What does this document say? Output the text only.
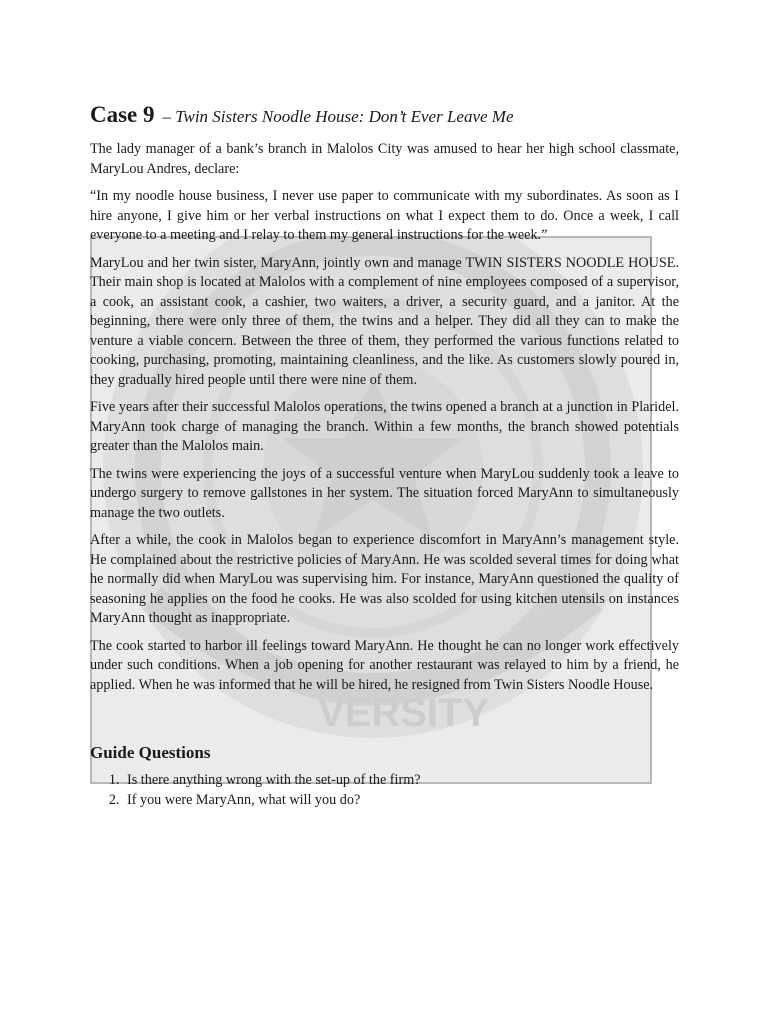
VERSITY
Case 9 – Twin Sisters Noodle House: Don’t Ever Leave Me

The lady manager of a bank’s branch in Malolos City was amused to hear her high school classmate, MaryLou Andres, declare:

“In my noodle house business, I never use paper to communicate with my subordinates. As soon as I hire anyone, I give him or her verbal instructions on what I expect them to do. Once a week, I call everyone to a meeting and I relay to them my general instructions for the week.”

MaryLou and her twin sister, MaryAnn, jointly own and manage TWIN SISTERS NOODLE HOUSE. Their main shop is located at Malolos with a complement of nine employees composed of a supervisor, a cook, an assistant cook, a cashier, two waiters, a driver, a security guard, and a janitor. At the beginning, there were only three of them, the twins and a helper. They did all they can to make the venture a viable concern. Between the three of them, they performed the various functions related to cooking, purchasing, promoting, maintaining cleanliness, and the like. As customers slowly poured in, they gradually hired people until there were nine of them.

Five years after their successful Malolos operations, the twins opened a branch at a junction in Plaridel. MaryAnn took charge of managing the branch. Within a few months, the branch showed potentials greater than the Malolos main.

The twins were experiencing the joys of a successful venture when MaryLou suddenly took a leave to undergo surgery to remove gallstones in her system. The situation forced MaryAnn to simultaneously manage the two outlets.

After a while, the cook in Malolos began to experience discomfort in MaryAnn’s management style. He complained about the restrictive policies of MaryAnn. He was scolded several times for doing what he normally did when MaryLou was supervising him. For instance, MaryAnn questioned the quality of seasoning he applies on the food he cooks. He was also scolded for using kitchen utensils on instances MaryAnn thought as inappropriate.

The cook started to harbor ill feelings toward MaryAnn. He thought he can no longer work effectively under such conditions. When a job opening for another restaurant was relayed to him by a friend, he applied. When he was informed that he will be hired, he resigned from Twin Sisters Noodle House.

Guide Questions
1. Is there anything wrong with the set-up of the firm?
2. If you were MaryAnn, what will you do?
